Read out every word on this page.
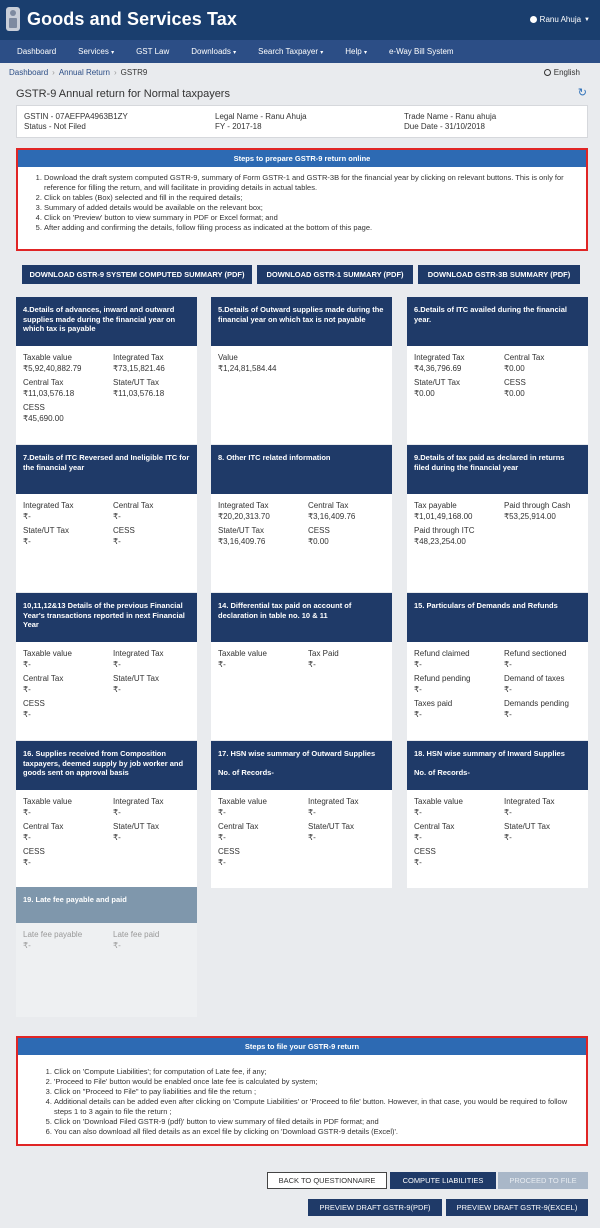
Goods and Services Tax	Ranu Ahuja ▼
Dashboard	Services ▾	GST Law	Downloads ▾	Search Taxpayer ▾	Help ▾	e-Way Bill System
Dashboard › Annual Return › GSTR9	English
GSTR-9 Annual return for Normal taxpayers	↻
GSTIN - 07AEFPA4963B1ZY
Status - Not Filed
Legal Name - Ranu Ahuja
FY - 2017-18
Trade Name - Ranu ahuja
Due Date - 31/10/2018
Steps to prepare GSTR-9 return online
1. Download the draft system computed GSTR-9, summary of Form GSTR-1 and GSTR-3B for the financial year by clicking on relevant buttons. This is only for reference for filling the return, and will facilitate in providing details in actual tables.
2. Click on tables (Box) selected and fill in the required details;
3. Summary of added details would be available on the relevant box;
4. Click on 'Preview' button to view summary in PDF or Excel format; and
5. After adding and confirming the details, follow filing process as indicated at the bottom of this page.
DOWNLOAD GSTR-9 SYSTEM COMPUTED SUMMARY (PDF)	DOWNLOAD GSTR-1 SUMMARY (PDF)	DOWNLOAD GSTR-3B SUMMARY (PDF)
4.Details of advances, inward and outward supplies made during the financial year on which tax is payable
Taxable value
₹5,92,40,882.79
Integrated Tax
₹73,15,821.46
Central Tax
₹11,03,576.18
State/UT Tax
₹11,03,576.18
CESS
₹45,690.00
5.Details of Outward supplies made during the financial year on which tax is not payable
Value
₹1,24,81,584.44
6.Details of ITC availed during the financial year.
Integrated Tax
₹4,36,796.69
Central Tax
₹0.00
State/UT Tax
₹0.00
CESS
₹0.00
7.Details of ITC Reversed and Ineligible ITC for the financial year
Integrated Tax
₹-
Central Tax
₹-
State/UT Tax
₹-
CESS
₹-
8. Other ITC related information
Integrated Tax
₹20,20,313.70
Central Tax
₹3,16,409.76
State/UT Tax
₹3,16,409.76
CESS
₹0.00
9.Details of tax paid as declared in returns filed during the financial year
Tax payable
₹1,01,49,168.00
Paid through Cash
₹53,25,914.00
Paid through ITC
₹48,23,254.00
10,11,12&13 Details of the previous Financial Year's transactions reported in next Financial Year
Taxable value
₹-
Integrated Tax
₹-
Central Tax
₹-
State/UT Tax
₹-
CESS
₹-
14. Differential tax paid on account of declaration in table no. 10 & 11
Taxable value
₹-
Tax Paid
₹-
15. Particulars of Demands and Refunds
Refund claimed
₹-
Refund sectioned
₹-
Refund pending
₹-
Demand of taxes
₹-
Taxes paid
₹-
Demands pending
₹-
16. Supplies received from Composition taxpayers, deemed supply by job worker and goods sent on approval basis
Taxable value
₹-
Integrated Tax
₹-
Central Tax
₹-
State/UT Tax
₹-
CESS
₹-
17. HSN wise summary of Outward Supplies
No. of Records-
Taxable value
₹-
Integrated Tax
₹-
Central Tax
₹-
State/UT Tax
₹-
CESS
₹-
18. HSN wise summary of Inward Supplies
No. of Records-
Taxable value
₹-
Integrated Tax
₹-
Central Tax
₹-
State/UT Tax
₹-
CESS
₹-
19. Late fee payable and paid
Late fee payable
₹-
Late fee paid
₹-
Steps to file your GSTR-9 return
1. Click on 'Compute Liabilities'; for computation of Late fee, if any;
2. 'Proceed to File' button would be enabled once late fee is calculated by system;
3. Click on "Proceed to File" to pay liabilities and file the return ;
4. Additional details can be added even after clicking on 'Compute Liabilities' or 'Proceed to file' button. However, in that case, you would be required to follow steps 1 to 3 again to file the return ;
5. Click on 'Download Filed GSTR-9 (pdf)' button to view summary of filed details in PDF format; and
6. You can also download all filed details as an excel file by clicking on 'Download GSTR-9 details (Excel)'.
BACK TO QUESTIONNAIRE	COMPUTE LIABILITIES	PROCEED TO FILE
PREVIEW DRAFT GSTR-9(PDF)	PREVIEW DRAFT GSTR-9(EXCEL)
